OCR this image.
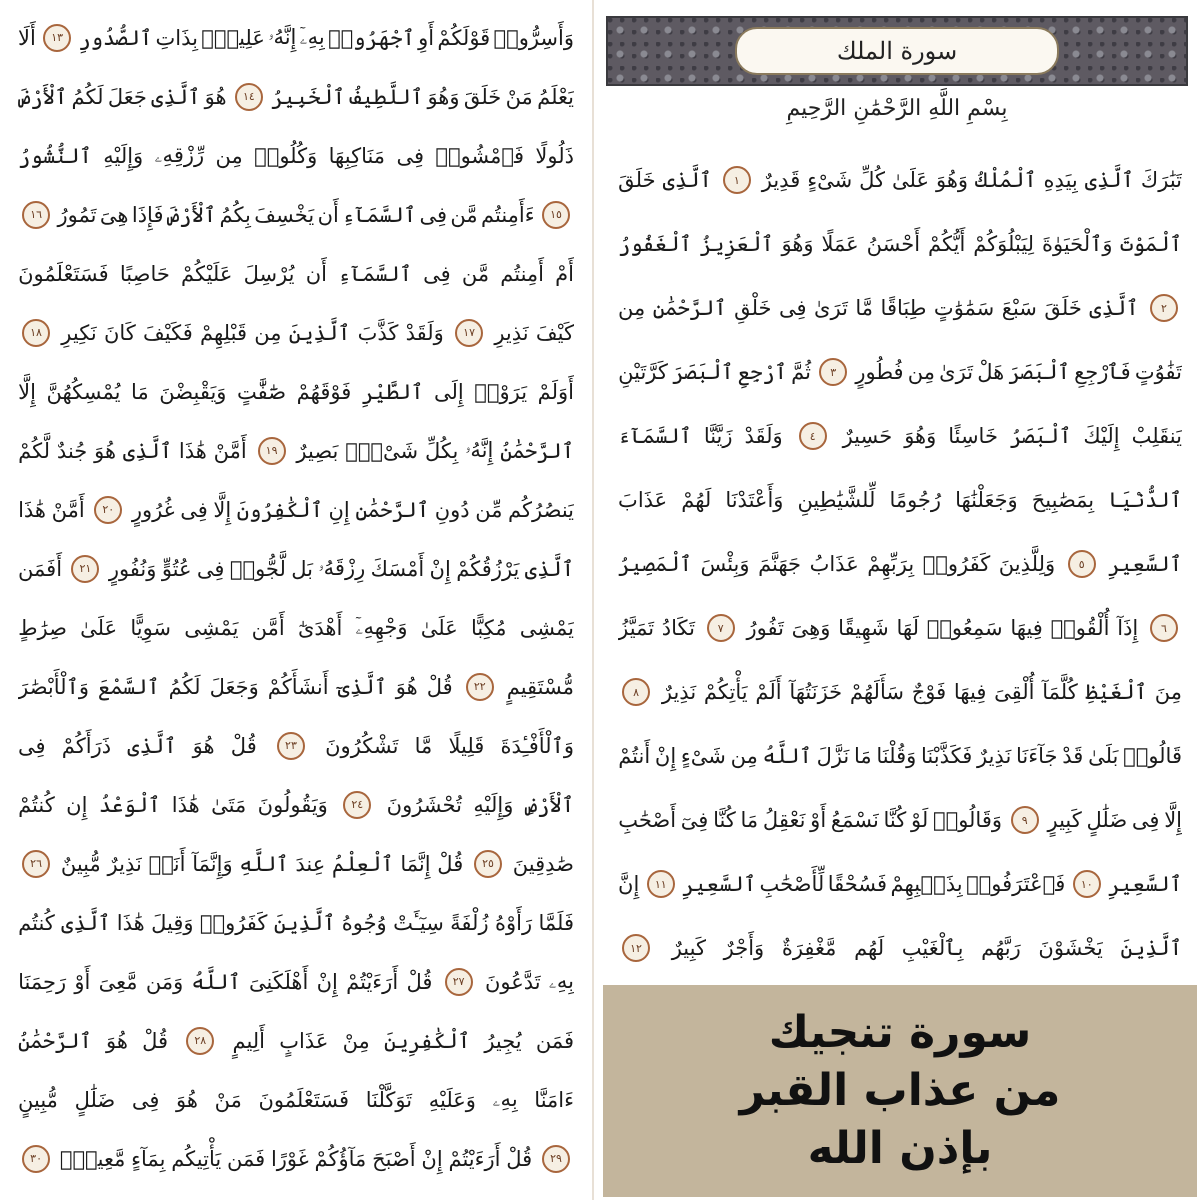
وَأَسِرُّوا۟
قَوْلَكُمْ
أَوِ
ٱجْهَرُوا۟
بِهِۦٓ
إِنَّهُۥ
عَلِيمٌۢ
بِذَاتِ
ٱلصُّدُورِ
١٣
أَلَا
يَعْلَمُ
مَنْ
خَلَقَ
وَهُوَ
ٱللَّطِيفُ
ٱلْخَبِيرُ
١٤
هُوَ
ٱلَّذِى
جَعَلَ
لَكُمُ
ٱلْأَرْضَ
ذَلُولًا
فَٱمْشُوا۟
فِى
مَنَاكِبِهَا
وَكُلُوا۟
مِن
رِّزْقِهِۦ
وَإِلَيْهِ
ٱلنُّشُورُ
١٥
ءَأَمِنتُم
مَّن
فِى
ٱلسَّمَآءِ
أَن
يَخْسِفَ
بِكُمُ
ٱلْأَرْضَ
فَإِذَا
هِىَ
تَمُورُ
١٦
أَمْ
أَمِنتُم
مَّن
فِى
ٱلسَّمَآءِ
أَن
يُرْسِلَ
عَلَيْكُمْ
حَاصِبًا
فَسَتَعْلَمُونَ
كَيْفَ
نَذِيرِ
١٧
وَلَقَدْ
كَذَّبَ
ٱلَّذِينَ
مِن
قَبْلِهِمْ
فَكَيْفَ
كَانَ
نَكِيرِ
١٨
أَوَلَمْ
يَرَوْا۟
إِلَى
ٱلطَّيْرِ
فَوْقَهُمْ
صَٰٓفَّٰتٍ
وَيَقْبِضْنَ
مَا
يُمْسِكُهُنَّ
إِلَّا
ٱلرَّحْمَٰنُ
إِنَّهُۥ
بِكُلِّ
شَىْءٍۭ
بَصِيرٌ
١٩
أَمَّنْ
هَٰذَا
ٱلَّذِى
هُوَ
جُندٌ
لَّكُمْ
يَنصُرُكُم
مِّن
دُونِ
ٱلرَّحْمَٰنِ
إِنِ
ٱلْكَٰفِرُونَ
إِلَّا
فِى
غُرُورٍ
٢٠
أَمَّنْ
هَٰذَا
ٱلَّذِى
يَرْزُقُكُمْ
إِنْ
أَمْسَكَ
رِزْقَهُۥ
بَل
لَّجُّوا۟
فِى
عُتُوٍّ
وَنُفُورٍ
٢١
أَفَمَن
يَمْشِى
مُكِبًّا
عَلَىٰ
وَجْهِهِۦٓ
أَهْدَىٰٓ
أَمَّن
يَمْشِى
سَوِيًّا
عَلَىٰ
صِرَٰطٍ
مُّسْتَقِيمٍ
٢٢
قُلْ
هُوَ
ٱلَّذِىٓ
أَنشَأَكُمْ
وَجَعَلَ
لَكُمُ
ٱلسَّمْعَ
وَٱلْأَبْصَٰرَ
وَٱلْأَفْـِٔدَةَ
قَلِيلًا
مَّا
تَشْكُرُونَ
٢٣
قُلْ
هُوَ
ٱلَّذِى
ذَرَأَكُمْ
فِى
ٱلْأَرْضِ
وَإِلَيْهِ
تُحْشَرُونَ
٢٤
وَيَقُولُونَ
مَتَىٰ
هَٰذَا
ٱلْوَعْدُ
إِن
كُنتُمْ
صَٰدِقِينَ
٢٥
قُلْ
إِنَّمَا
ٱلْعِلْمُ
عِندَ
ٱللَّهِ
وَإِنَّمَآ
أَنَا۠
نَذِيرٌ
مُّبِينٌ
٢٦
فَلَمَّا
رَأَوْهُ
زُلْفَةً
سِيٓـَٔتْ
وُجُوهُ
ٱلَّذِينَ
كَفَرُوا۟
وَقِيلَ
هَٰذَا
ٱلَّذِى
كُنتُم
بِهِۦ
تَدَّعُونَ
٢٧
قُلْ
أَرَءَيْتُمْ
إِنْ
أَهْلَكَنِىَ
ٱللَّهُ
وَمَن
مَّعِىَ
أَوْ
رَحِمَنَا
فَمَن
يُجِيرُ
ٱلْكَٰفِرِينَ
مِنْ
عَذَابٍ
أَلِيمٍ
٢٨
قُلْ
هُوَ
ٱلرَّحْمَٰنُ
ءَامَنَّا
بِهِۦ
وَعَلَيْهِ
تَوَكَّلْنَا
فَسَتَعْلَمُونَ
مَنْ
هُوَ
فِى
ضَلَٰلٍ
مُّبِينٍ
٢٩
قُلْ
أَرَءَيْتُمْ
إِنْ
أَصْبَحَ
مَآؤُكُمْ
غَوْرًا
فَمَن
يَأْتِيكُم
بِمَآءٍ
مَّعِينٍۭ
٣٠
تَبَٰرَكَ
ٱلَّذِى
بِيَدِهِ
ٱلْمُلْكُ
وَهُوَ
عَلَىٰ
كُلِّ
شَىْءٍ
قَدِيرٌ
١
ٱلَّذِى
خَلَقَ
ٱلْمَوْتَ
وَٱلْحَيَوٰةَ
لِيَبْلُوَكُمْ
أَيُّكُمْ
أَحْسَنُ
عَمَلًا
وَهُوَ
ٱلْعَزِيزُ
ٱلْغَفُورُ
٢
ٱلَّذِى
خَلَقَ
سَبْعَ
سَمَٰوَٰتٍ
طِبَاقًا
مَّا
تَرَىٰ
فِى
خَلْقِ
ٱلرَّحْمَٰنِ
مِن
تَفَٰوُتٍ
فَٱرْجِعِ
ٱلْبَصَرَ
هَلْ
تَرَىٰ
مِن
فُطُورٍ
٣
ثُمَّ
ٱرْجِعِ
ٱلْبَصَرَ
كَرَّتَيْنِ
يَنقَلِبْ
إِلَيْكَ
ٱلْبَصَرُ
خَاسِئًا
وَهُوَ
حَسِيرٌ
٤
وَلَقَدْ
زَيَّنَّا
ٱلسَّمَآءَ
ٱلدُّنْيَا
بِمَصَٰبِيحَ
وَجَعَلْنَٰهَا
رُجُومًا
لِّلشَّيَٰطِينِ
وَأَعْتَدْنَا
لَهُمْ
عَذَابَ
ٱلسَّعِيرِ
٥
وَلِلَّذِينَ
كَفَرُوا۟
بِرَبِّهِمْ
عَذَابُ
جَهَنَّمَ
وَبِئْسَ
ٱلْمَصِيرُ
٦
إِذَآ
أُلْقُوا۟
فِيهَا
سَمِعُوا۟
لَهَا
شَهِيقًا
وَهِىَ
تَفُورُ
٧
تَكَادُ
تَمَيَّزُ
مِنَ
ٱلْغَيْظِ
كُلَّمَآ
أُلْقِىَ
فِيهَا
فَوْجٌ
سَأَلَهُمْ
خَزَنَتُهَآ
أَلَمْ
يَأْتِكُمْ
نَذِيرٌ
٨
قَالُوا۟
بَلَىٰ
قَدْ
جَآءَنَا
نَذِيرٌ
فَكَذَّبْنَا
وَقُلْنَا
مَا
نَزَّلَ
ٱللَّهُ
مِن
شَىْءٍ
إِنْ
أَنتُمْ
إِلَّا
فِى
ضَلَٰلٍ
كَبِيرٍ
٩
وَقَالُوا۟
لَوْ
كُنَّا
نَسْمَعُ
أَوْ
نَعْقِلُ
مَا
كُنَّا
فِىٓ
أَصْحَٰبِ
ٱلسَّعِيرِ
١٠
فَٱعْتَرَفُوا۟
بِذَنۢبِهِمْ
فَسُحْقًا
لِّأَصْحَٰبِ
ٱلسَّعِيرِ
١١
إِنَّ
ٱلَّذِينَ
يَخْشَوْنَ
رَبَّهُم
بِٱلْغَيْبِ
لَهُم
مَّغْفِرَةٌ
وَأَجْرٌ
كَبِيرٌ
١٢
سورة الملك
بِسْمِ اللَّهِ الرَّحْمَٰنِ الرَّحِيمِ
سورة تنجيك
من عذاب القبر
بإذن الله
